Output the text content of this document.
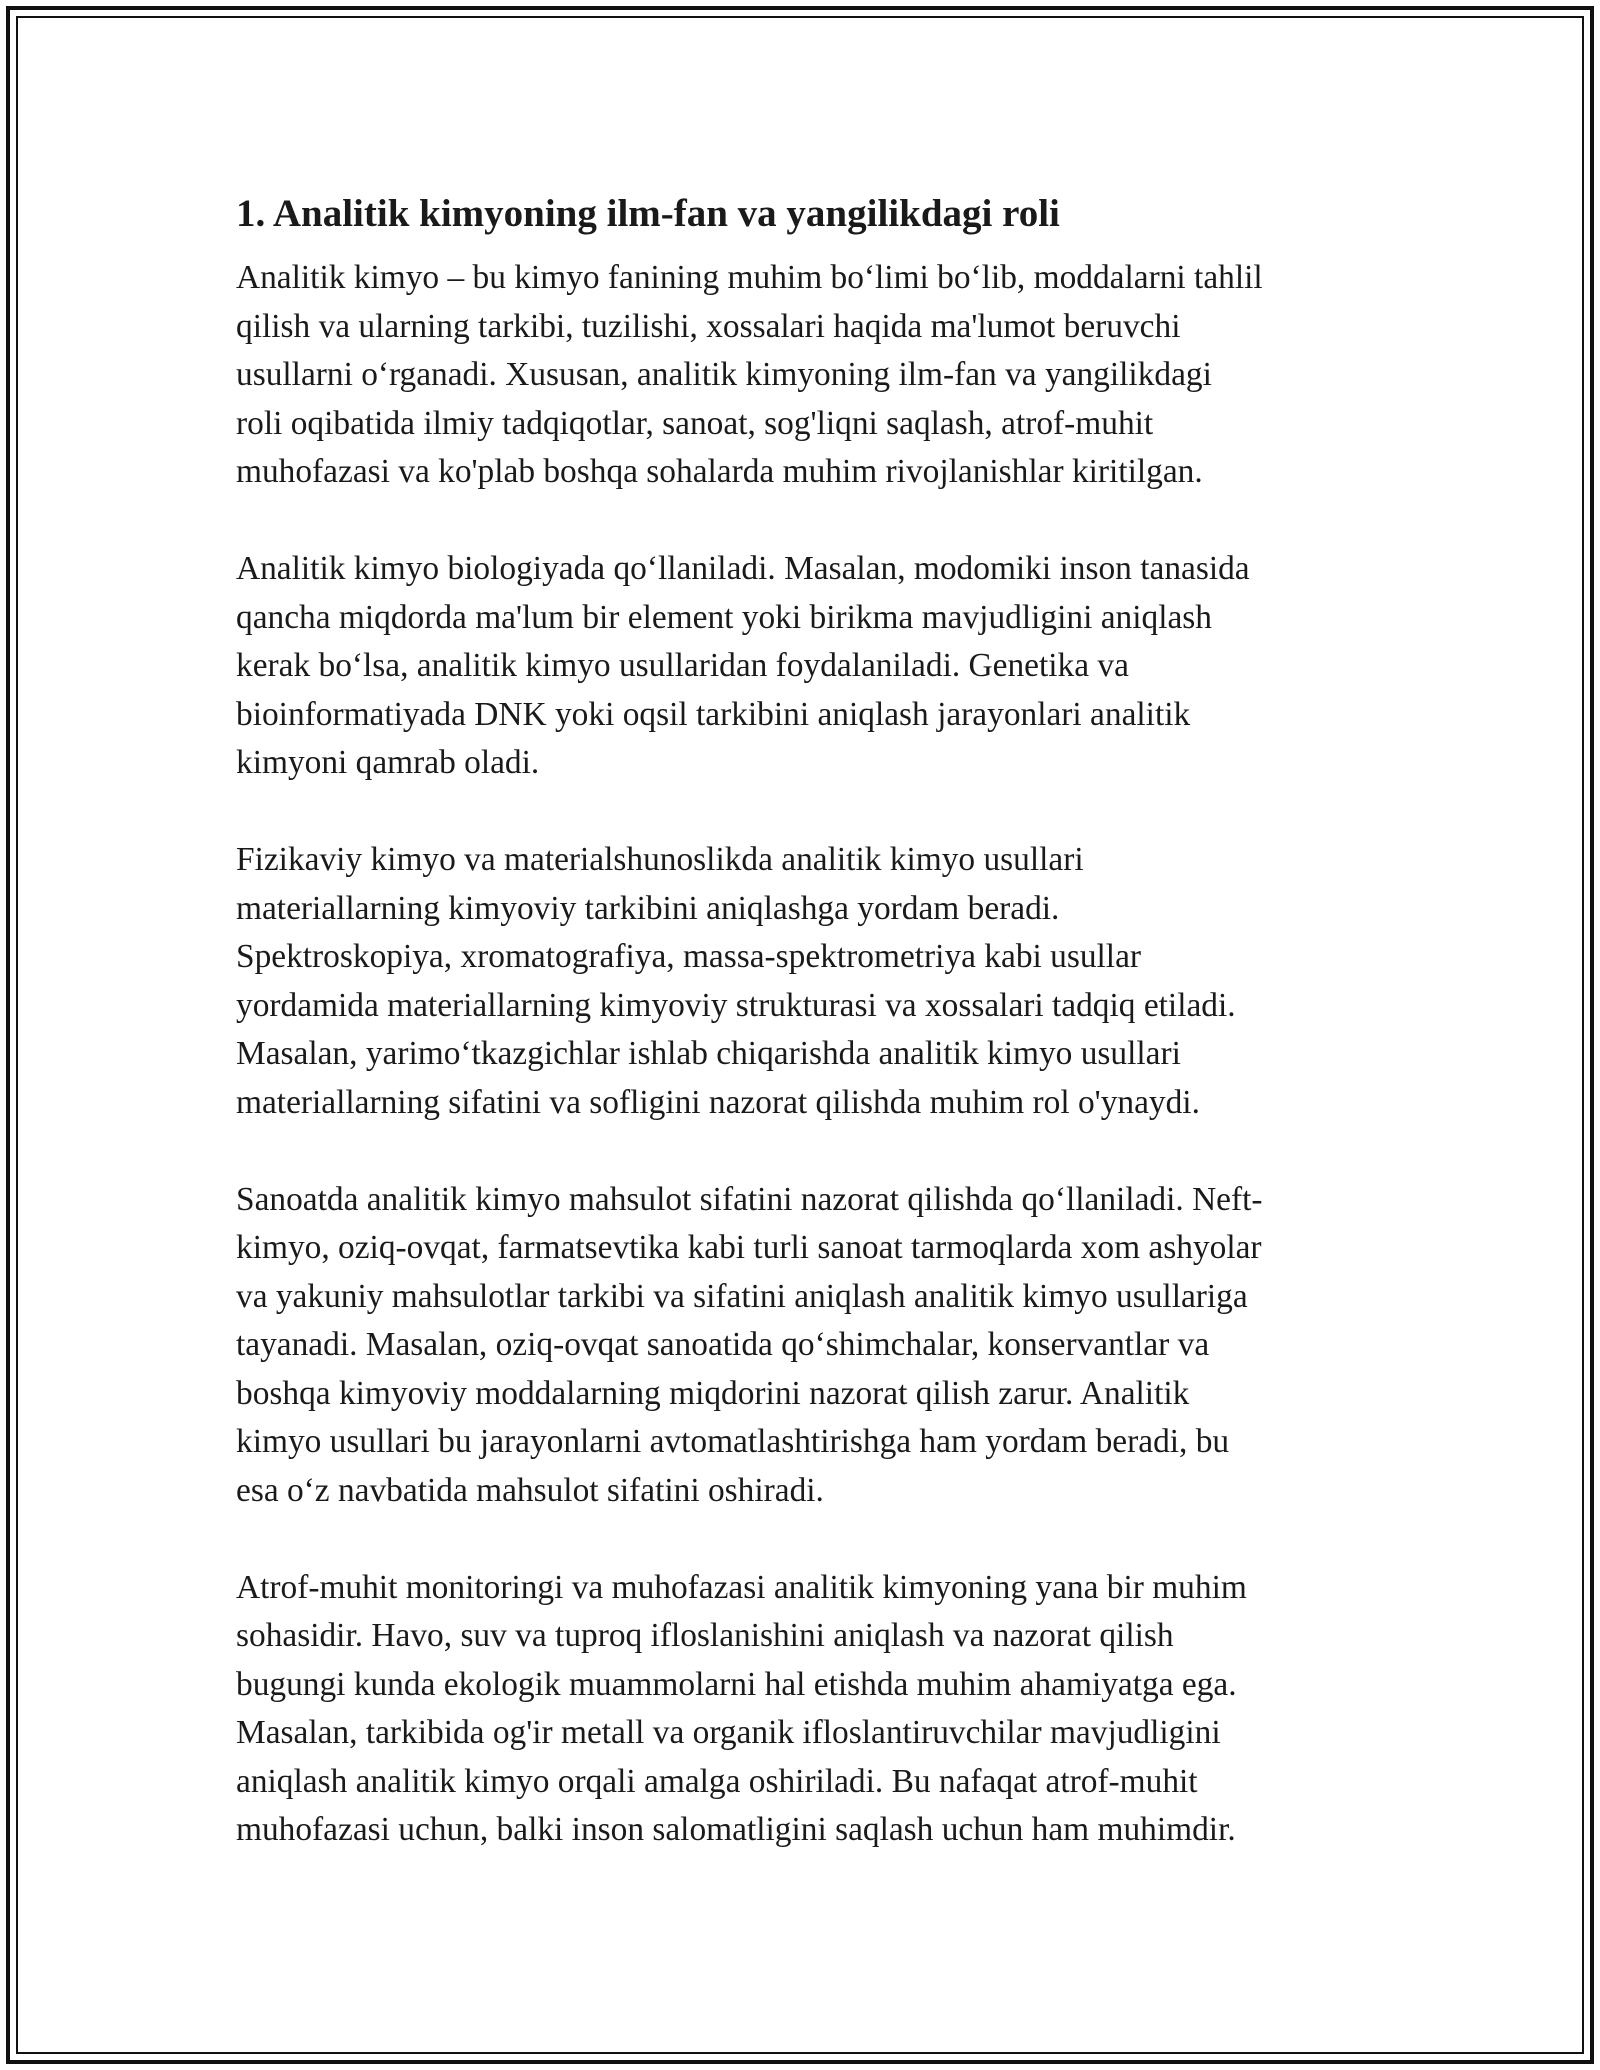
1. Analitik kimyoning ilm-fan va yangilikdagi roli

Analitik kimyo – bu kimyo fanining muhim bo‘limi bo‘lib, moddalarni tahlil
qilish va ularning tarkibi, tuzilishi, xossalari haqida ma'lumot beruvchi
usullarni o‘rganadi. Xususan, analitik kimyoning ilm-fan va yangilikdagi
roli oqibatida ilmiy tadqiqotlar, sanoat, sog'liqni saqlash, atrof-muhit
muhofazasi va ko'plab boshqa sohalarda muhim rivojlanishlar kiritilgan.

Analitik kimyo biologiyada qo‘llaniladi. Masalan, modomiki inson tanasida
qancha miqdorda ma'lum bir element yoki birikma mavjudligini aniqlash
kerak bo‘lsa, analitik kimyo usullaridan foydalaniladi. Genetika va
bioinformatiyada DNK yoki oqsil tarkibini aniqlash jarayonlari analitik
kimyoni qamrab oladi.

Fizikaviy kimyo va materialshunoslikda analitik kimyo usullari
materiallarning kimyoviy tarkibini aniqlashga yordam beradi.
Spektroskopiya, xromatografiya, massa-spektrometriya kabi usullar
yordamida materiallarning kimyoviy strukturasi va xossalari tadqiq etiladi.
Masalan, yarimo‘tkazgichlar ishlab chiqarishda analitik kimyo usullari
materiallarning sifatini va sofligini nazorat qilishda muhim rol o'ynaydi.

Sanoatda analitik kimyo mahsulot sifatini nazorat qilishda qo‘llaniladi. Neft-
kimyo, oziq-ovqat, farmatsevtika kabi turli sanoat tarmoqlarda xom ashyolar
va yakuniy mahsulotlar tarkibi va sifatini aniqlash analitik kimyo usullariga
tayanadi. Masalan, oziq-ovqat sanoatida qo‘shimchalar, konservantlar va
boshqa kimyoviy moddalarning miqdorini nazorat qilish zarur. Analitik
kimyo usullari bu jarayonlarni avtomatlashtirishga ham yordam beradi, bu
esa o‘z navbatida mahsulot sifatini oshiradi.

Atrof-muhit monitoringi va muhofazasi analitik kimyoning yana bir muhim
sohasidir. Havo, suv va tuproq ifloslanishini aniqlash va nazorat qilish
bugungi kunda ekologik muammolarni hal etishda muhim ahamiyatga ega.
Masalan, tarkibida og'ir metall va organik ifloslantiruvchilar mavjudligini
aniqlash analitik kimyo orqali amalga oshiriladi. Bu nafaqat atrof-muhit
muhofazasi uchun, balki inson salomatligini saqlash uchun ham muhimdir.
